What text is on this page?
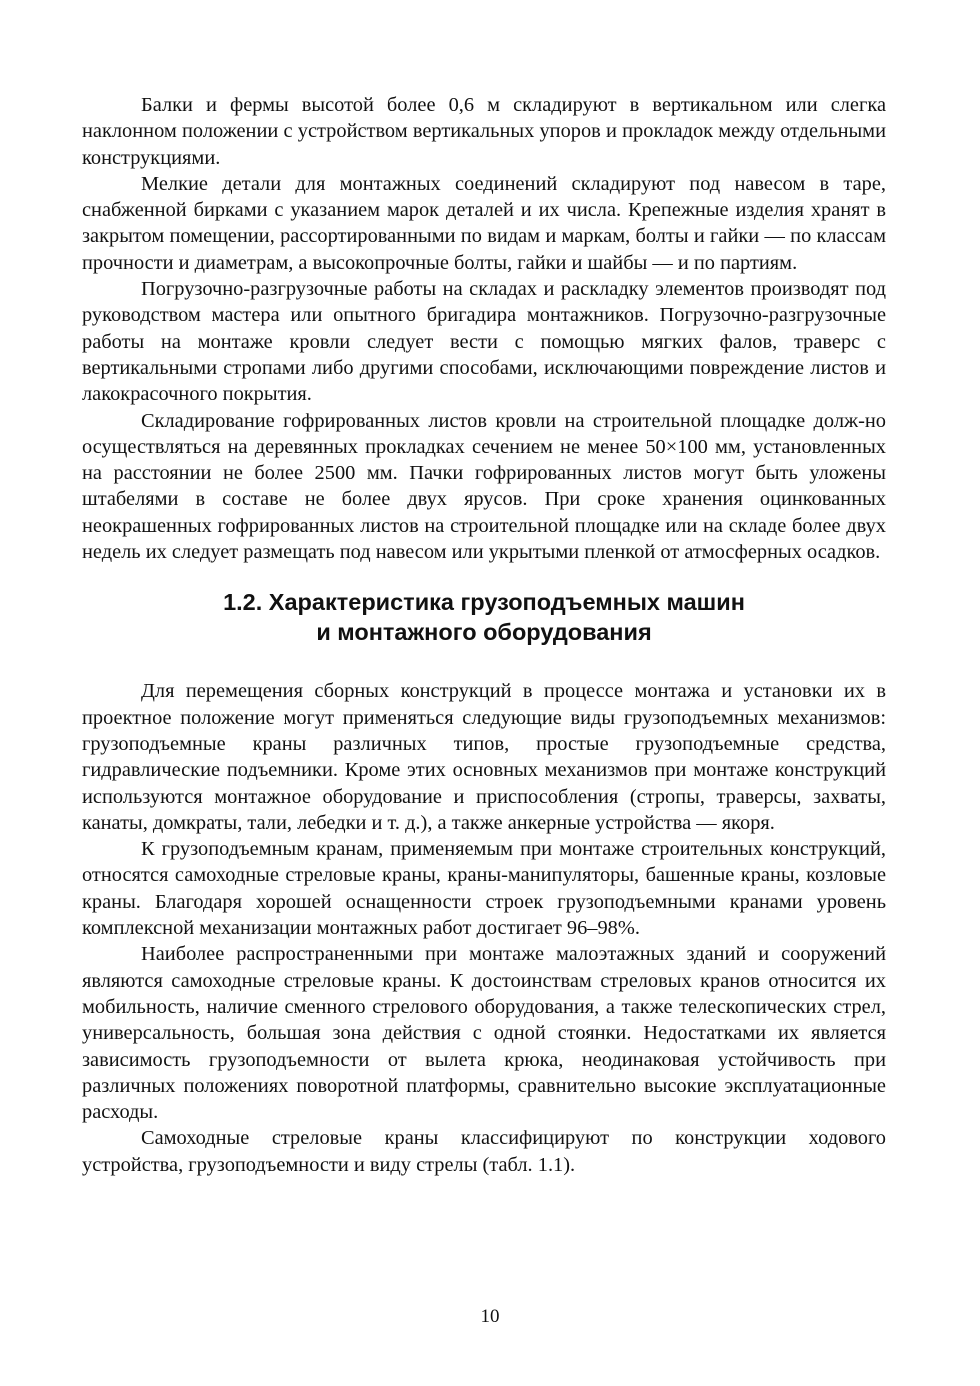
Балки и фермы высотой более 0,6 м складируют в вертикальном или слегка наклонном положении с устройством вертикальных упоров и прокладок между отдельными конструкциями.

Мелкие детали для монтажных соединений складируют под навесом в таре, снабженной бирками с указанием марок деталей и их числа. Крепежные изделия хранят в закрытом помещении, рассортированными по видам и маркам, болты и гайки — по классам прочности и диаметрам, а высокопрочные болты, гайки и шайбы — и по партиям.

Погрузочно-разгрузочные работы на складах и раскладку элементов производят под руководством мастера или опытного бригадира монтажников. Погрузочно-разгрузочные работы на монтаже кровли следует вести с помощью мягких фалов, траверс с вертикальными стропами либо другими способами, исключающими повреждение листов и лакокрасочного покрытия.

Складирование гофрированных листов кровли на строительной площадке долж-но осуществляться на деревянных прокладках сечением не менее 50×100 мм, установленных на расстоянии не более 2500 мм. Пачки гофрированных листов могут быть уложены штабелями в составе не более двух ярусов. При сроке хранения оцинкованных неокрашенных гофрированных листов на строительной площадке или на складе более двух недель их следует размещать под навесом или укрытыми пленкой от атмосферных осадков.

1.2. Характеристика грузоподъемных машин
и монтажного оборудования

Для перемещения сборных конструкций в процессе монтажа и установки их в проектное положение могут применяться следующие виды грузоподъемных механизмов: грузоподъемные краны различных типов, простые грузоподъемные средства, гидравлические подъемники. Кроме этих основных механизмов при монтаже конструкций используются монтажное оборудование и приспособления (стропы, траверсы, захваты, канаты, домкраты, тали, лебедки и т. д.), а также анкерные устройства — якоря.

К грузоподъемным кранам, применяемым при монтаже строительных конструкций, относятся самоходные стреловые краны, краны-манипуляторы, башенные краны, козловые краны. Благодаря хорошей оснащенности строек грузоподъемными кранами уровень комплексной механизации монтажных работ достигает 96–98%.

Наиболее распространенными при монтаже малоэтажных зданий и сооружений являются самоходные стреловые краны. К достоинствам стреловых кранов относится их мобильность, наличие сменного стрелового оборудования, а также телескопических стрел, универсальность, большая зона действия с одной стоянки. Недостатками их является зависимость грузоподъемности от вылета крюка, неодинаковая устойчивость при различных положениях поворотной платформы, сравнительно высокие эксплуатационные расходы.

Самоходные стреловые краны классифицируют по конструкции ходового устройства, грузоподъемности и виду стрелы (табл. 1.1).

10
